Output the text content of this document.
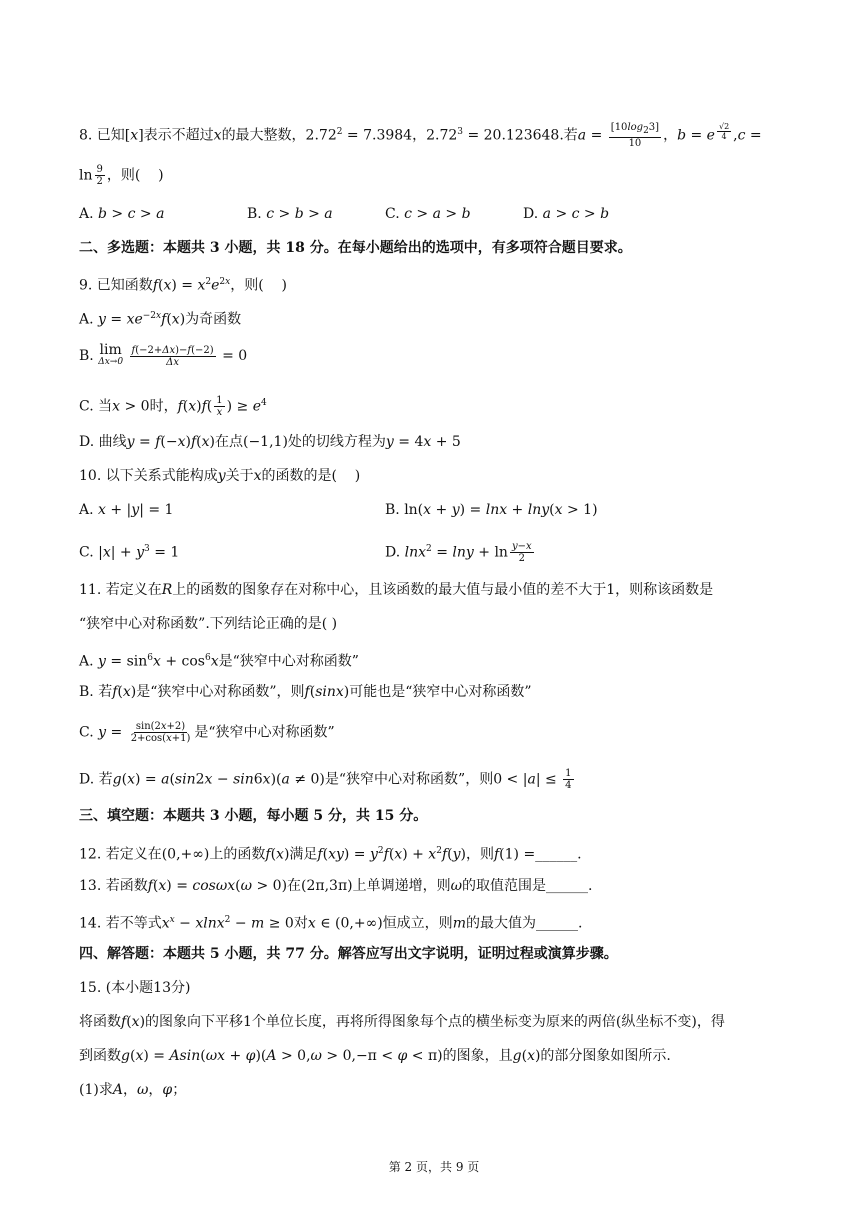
8. 已知[x]表示不超过x的最大整数，$2.72^2 = 7.3984$，$2.72^3 = 20.123648$.若$a = \frac{[10\log_23]}{10}$ ，b = e $^{\frac{√2}{4}}$ ,c =
$\ln \frac{9}{2}$ ，则(    )
A. b > c > a	B. c > b > a	C. c > a > b	D. a > c > b
二、多选题：本题共 3 小题，共 18 分。在每小题给出的选项中，有多项符合题目要求。
9. 已知函数$f(x) = x^2e^{2x}$，则(    )
A. $y = xe^{-2x}f(x)$为奇函数
B. lim
Δx→0
$\frac{f(-2+\Delta x)-f(-2)}{\Delta x} = 0$
C. 当x > 0时，$f(x)f( \frac{1}{x}$ ) ≥ $e^4$
D. 曲线y = f(−x)f(x)在点(−1,1)处的切线方程为y = 4x + 5
10. 以下关系式能构成y关于x的函数的是(    )
A. x + |y| = 1	B. ln(x + y) = lnx + lny(x > 1)
C. $|x| + y^3 = 1$	D. $\ln x^2 = \ln y + \ln \frac{y-x}{2}$
11. 若定义在R上的函数的图象存在对称中心，且该函数的最大值与最小值的差不大于1，则称该函数是
“狭窄中心对称函数”.下列结论正确的是( )
A. $y = \sin^6x + \cos^6x$是“狭窄中心对称函数”
B. 若f(x)是“狭窄中心对称函数”，则f(sinx)可能也是“狭窄中心对称函数”
C. $y = \frac{\sin(2x+2)}{2+\cos(x+1)}$ 是“狭窄中心对称函数”
D. 若g(x) = a(sin2x − sin6x)(a ≠ 0)是“狭窄中心对称函数”，则$0 < |a| \le \frac{1}{4}$
三、填空题：本题共 3 小题，每小题 5 分，共 15 分。
12. 若定义在(0,+∞)上的函数f(x)满足$f(xy) = y^2f(x) + x^2f(y)$，则f(1) =______.
13. 若函数f(x) = cosωx(ω > 0)在(2π,3π)上单调递增，则ω的取值范围是______.
14. 若不等式$x^x - xlnx^2 - m \ge 0$对x ∈ (0,+∞)恒成立，则m的最大值为______.
四、解答题：本题共 5 小题，共 77 分。解答应写出文字说明，证明过程或演算步骤。
15. (本小题13分)
将函数f(x)的图象向下平移1个单位长度，再将所得图象每个点的横坐标变为原来的两倍(纵坐标不变)，得
到函数g(x) = Asin(ωx + φ)(A > 0,ω > 0,−π < φ < π)的图象，且g(x)的部分图象如图所示.
(1)求A，ω，φ；
第 2 页，共 9 页
